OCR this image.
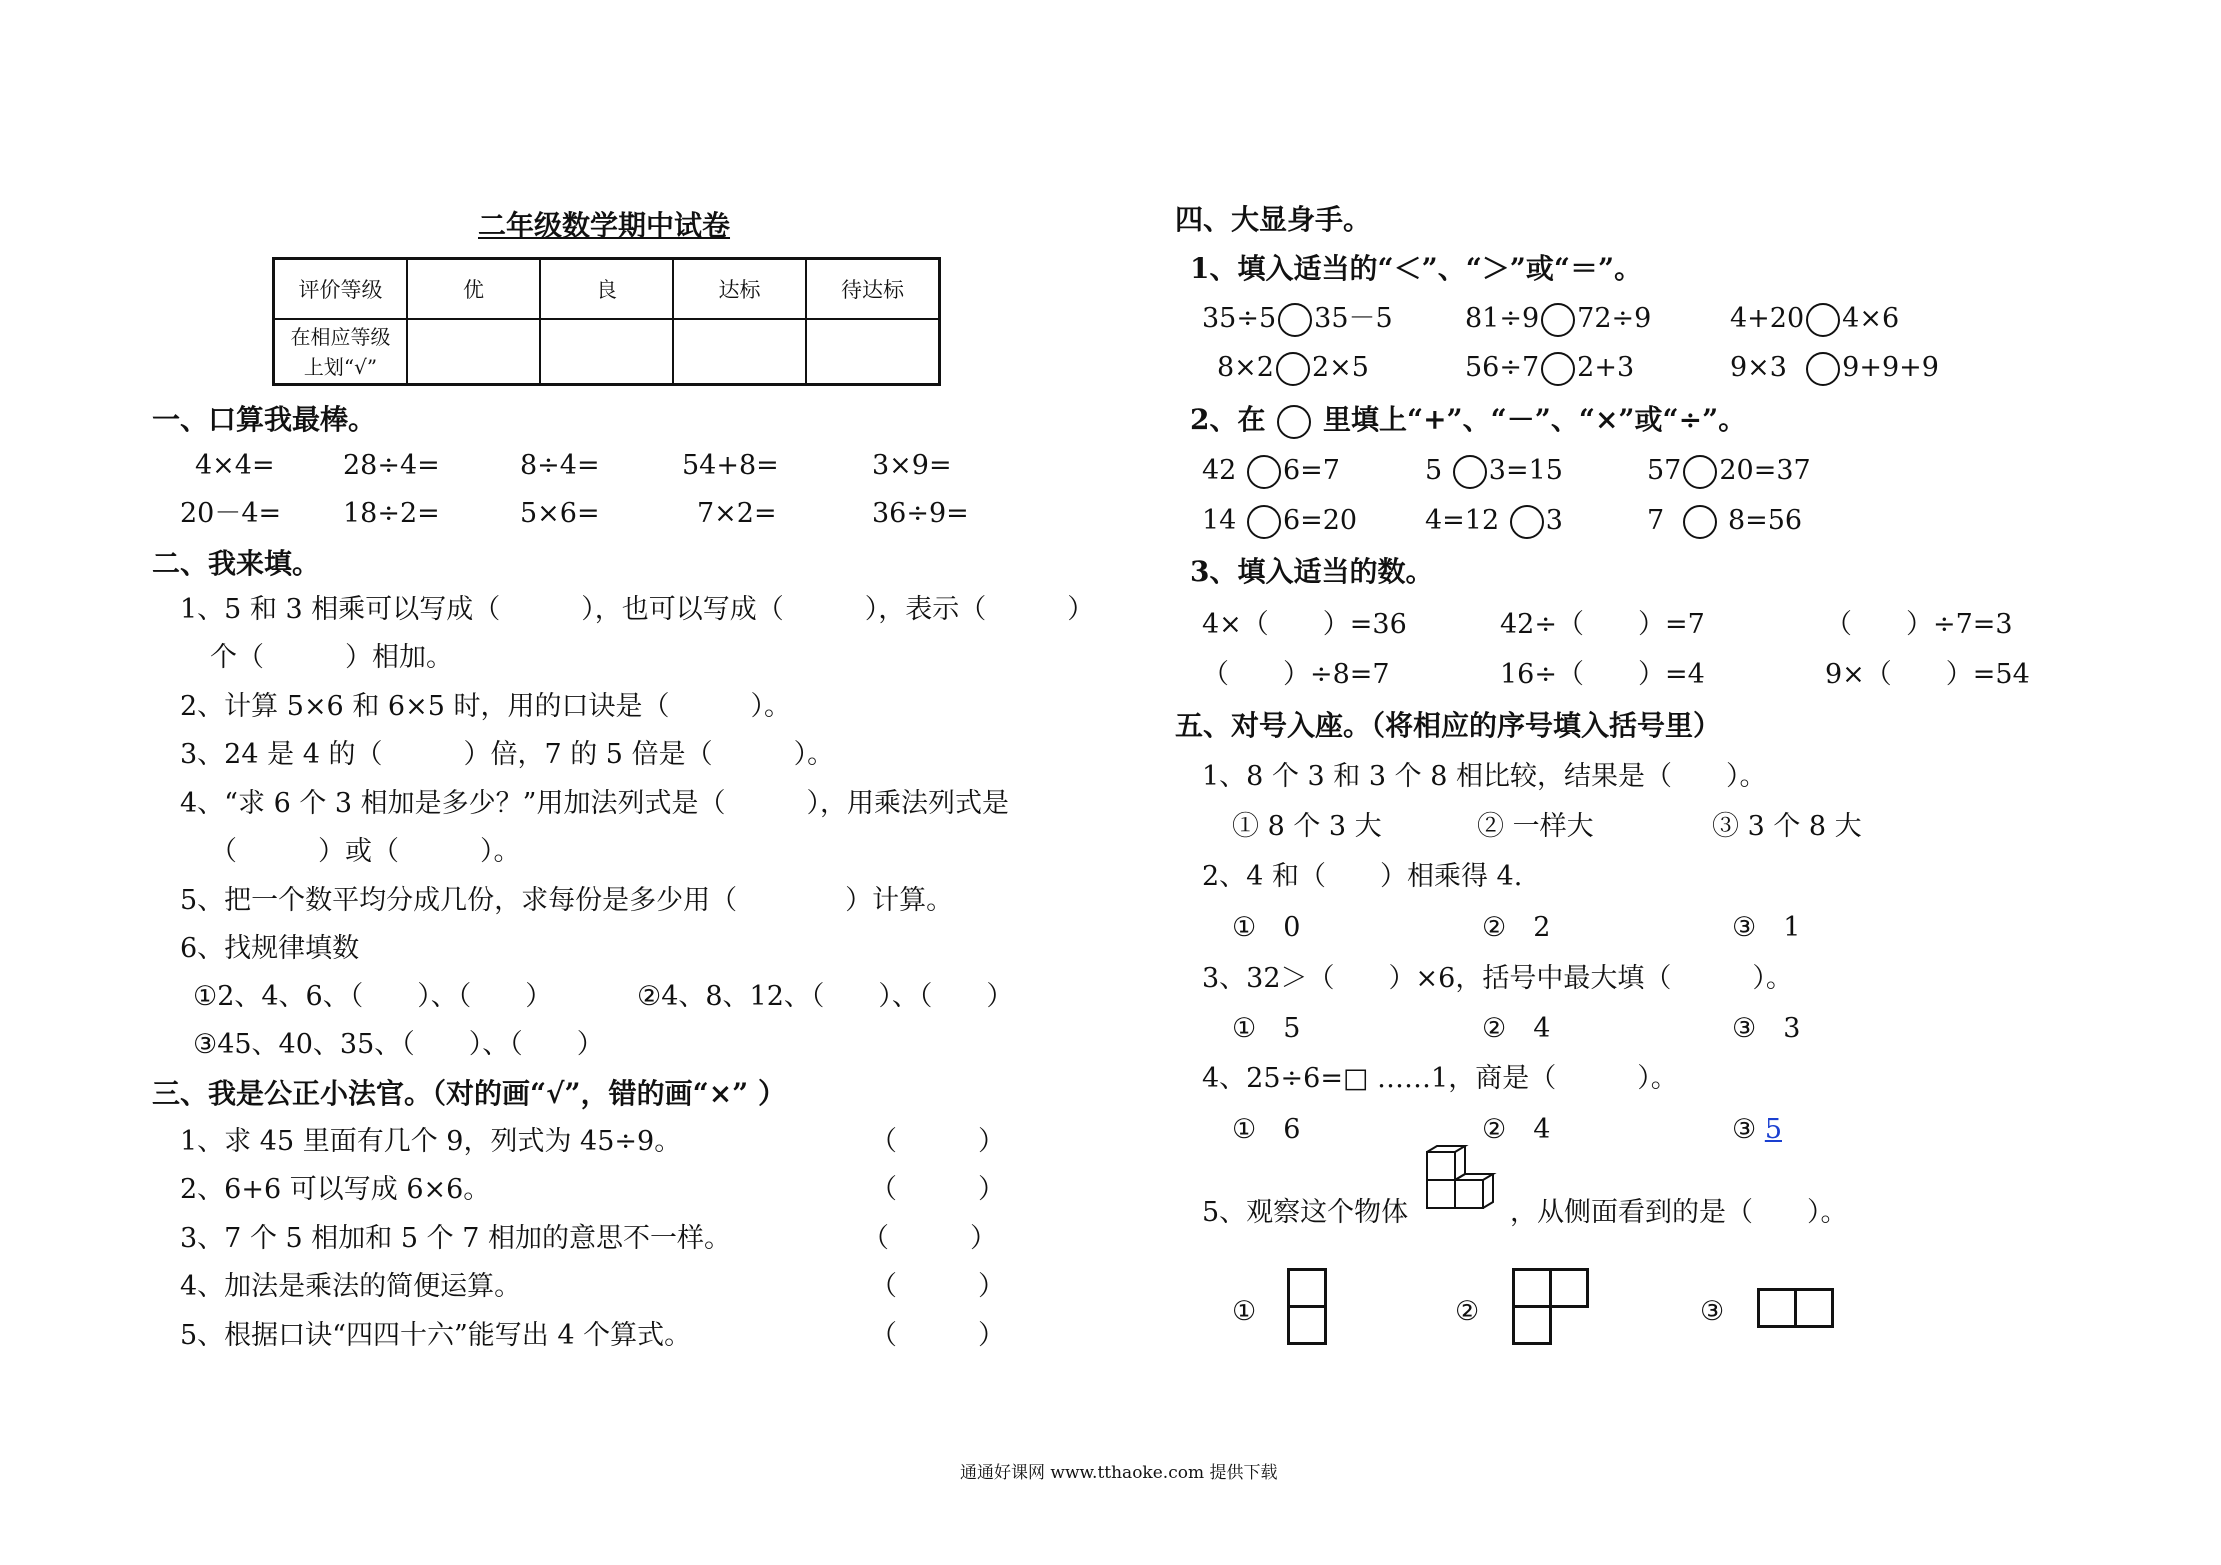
二年级数学期中试卷
评价等级	优	良	达标	待达标

在相应等级
上划“√”				

一、口算我最棒。
4×4=	28÷4=	8÷4=	54+8=	3×9=
20－4= 18÷2=	5×6=	7×2=	36÷9=
二、我来填。
1、5 和 3 相乘可以写成（　　　），也可以写成（　　　），表示（　　　）
个（　　　）相加。
2、计算 5×6 和 6×5 时，用的口诀是（　　　）。
3、24 是 4 的（　　　）倍，7 的 5 倍是（　　　）。
4、“求 6 个 3 相加是多少？”用加法列式是（　　　），用乘法列式是
（　　　）或（　　　）。
5、把一个数平均分成几份，求每份是多少用（　　　　）计算。
6、找规律填数
①2、4、6、（　　）、（　　）	②4、8、12、（　　）、（　　）
③45、40、35、（　　）、（　　）
三、我是公正小法官。（对的画“√”，错的画“×” ）
1、求 45 里面有几个 9，列式为 45÷9。	（　　　）
2、6+6 可以写成 6×6。	（　　　）
3、7 个 5 相加和 5 个 7 相加的意思不一样。	（　　　）
4、加法是乘法的简便运算。	（　　　）
5、根据口诀“四四十六”能写出 4 个算式。	（　　　）
四、大显身手。
1、填入适当的“＜”、“＞”或“＝”。
35÷5 35－5	81÷9 72÷9	4+20 4×6
8×2 2×5	56÷7 2+3	9×3 9+9+9
2、在 里填上“+”、“－”、“×”或“÷”。
42 6=7	5 3=15	57 20=37
14 6=20	4=12 3	7 8=56
3、填入适当的数。
4×（　　）=36	42÷（　　）=7	（　　）÷7=3
（　　）÷8=7	16÷（　　）=4	9×（　　）=54
五、对号入座。（将相应的序号填入括号里）
1、8 个 3 和 3 个 8 相比较，结果是（　　）。
① 8 个 3 大	② 一样大	③ 3 个 8 大
2、4 和（　　）相乘得 4.
①　0	②　2	③　1
3、32＞（　　）×6，括号中最大填（　　　）。
①　5	②　4	③　3
4、25÷6=□ ……1，商是（　　　）。
①　6	②　4	③ 5
5、观察这个物体	，从侧面看到的是（　　）。
①	②	③
通通好课网 www.tthaoke.com 提供下载
